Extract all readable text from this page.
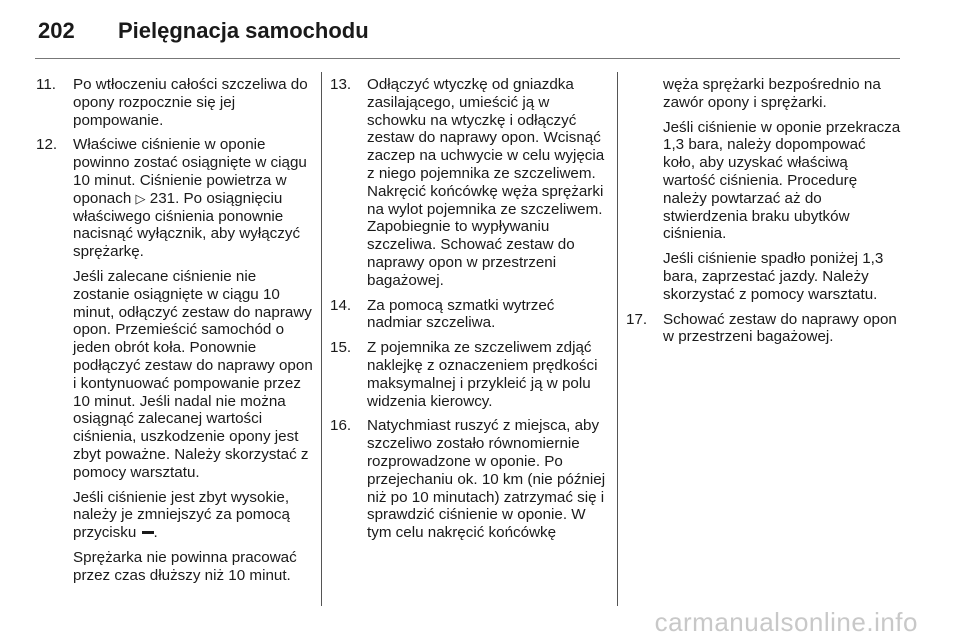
202 Pielęgnacja samochodu
11. Po wtłoczeniu całości szczeliwa do opony rozpocznie się jej pompowanie.

12. Właściwe ciśnienie w oponie powinno zostać osiągnięte w ciągu 10 minut. Ciśnienie powietrza w oponach ▷ 231. Po osiągnięciu właściwego ciśnienia ponownie nacisnąć wyłącznik, aby wyłączyć sprężarkę.

Jeśli zalecane ciśnienie nie zostanie osiągnięte w ciągu 10 minut, odłączyć zestaw do naprawy opon. Przemieścić samochód o jeden obrót koła. Ponownie podłączyć zestaw do naprawy opon i kontynuować pompowanie przez 10 minut. Jeśli nadal nie można osiągnąć zalecanej wartości ciśnienia, uszkodzenie opony jest zbyt poważne. Należy skorzystać z pomocy warsztatu.

Jeśli ciśnienie jest zbyt wysokie, należy je zmniejszyć za pomocą przycisku .

Sprężarka nie powinna pracować przez czas dłuższy niż 10 minut.

13. Odłączyć wtyczkę od gniazdka zasilającego, umieścić ją w schowku na wtyczkę i odłączyć zestaw do naprawy opon. Wcisnąć zaczep na uchwycie w celu wyjęcia z niego pojemnika ze szczeliwem. Nakręcić końcówkę węża sprężarki na wylot pojemnika ze szczeliwem. Zapobiegnie to wypływaniu szczeliwa. Schować zestaw do naprawy opon w przestrzeni bagażowej.

14. Za pomocą szmatki wytrzeć nadmiar szczeliwa.

15. Z pojemnika ze szczeliwem zdjąć naklejkę z oznaczeniem prędkości maksymalnej i przykleić ją w polu widzenia kierowcy.

16. Natychmiast ruszyć z miejsca, aby szczeliwo zostało równomiernie rozprowadzone w oponie. Po przejechaniu ok. 10 km (nie później niż po 10 minutach) zatrzymać się i sprawdzić ciśnienie w oponie. W tym celu nakręcić końcówkę

węża sprężarki bezpośrednio na zawór opony i sprężarki.

Jeśli ciśnienie w oponie przekracza 1,3 bara, należy dopompować koło, aby uzyskać właściwą wartość ciśnienia. Procedurę należy powtarzać aż do stwierdzenia braku ubytków ciśnienia.

Jeśli ciśnienie spadło poniżej 1,3 bara, zaprzestać jazdy. Należy skorzystać z pomocy warsztatu.

17. Schować zestaw do naprawy opon w przestrzeni bagażowej.

carmanualsonline.info
